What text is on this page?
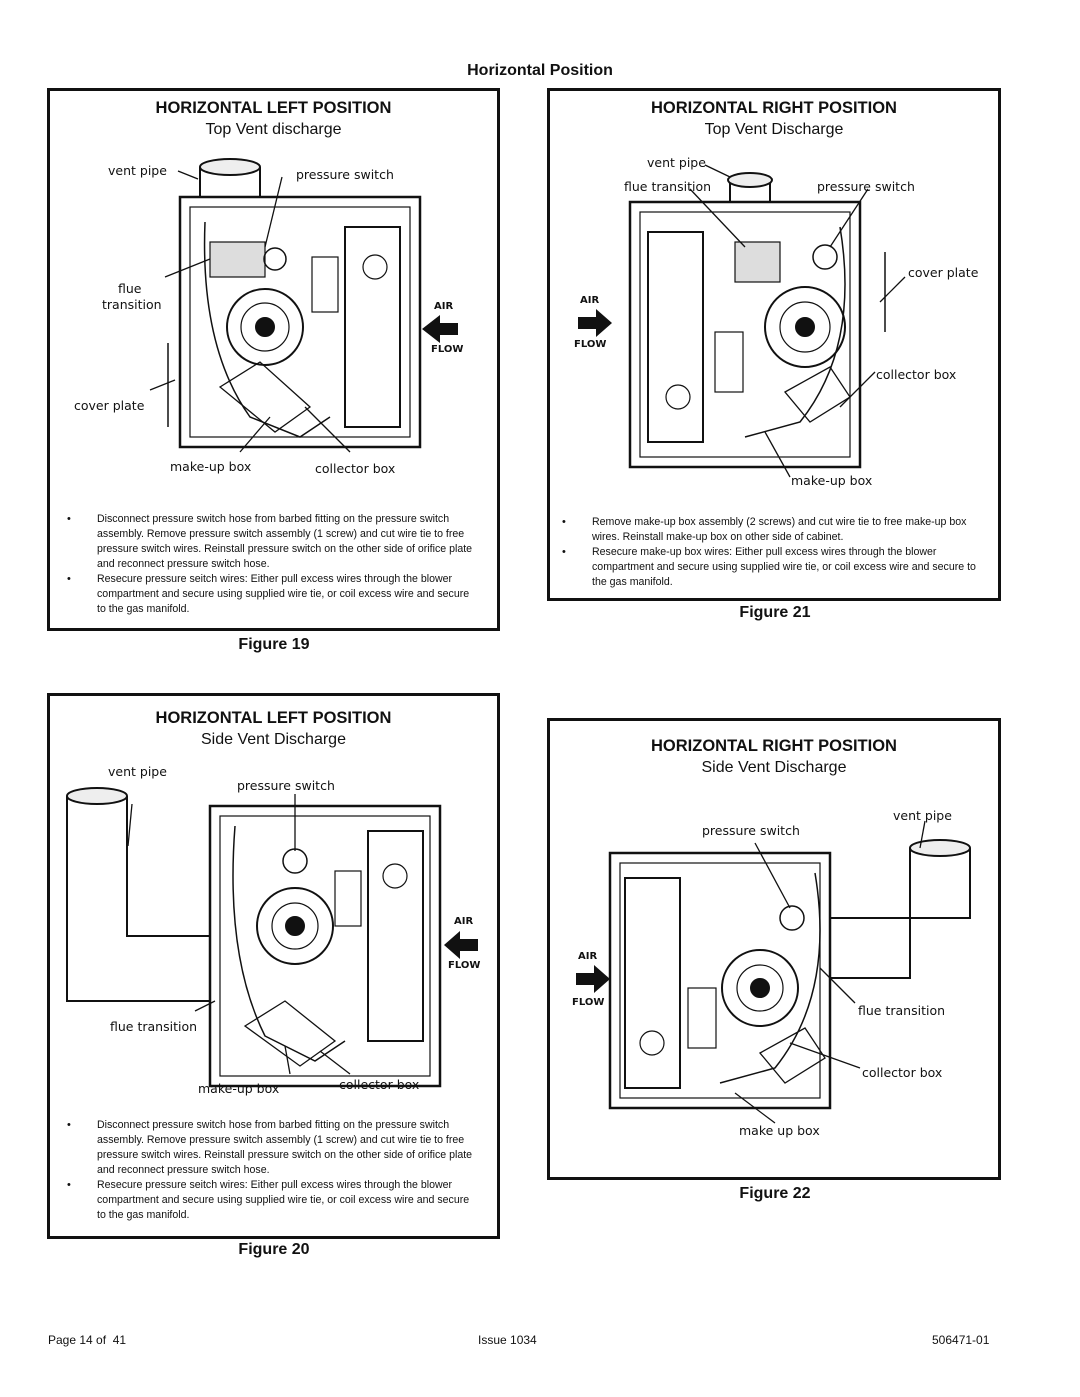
Horizontal Position
HORIZONTAL LEFT POSITION
Top Vent discharge
vent pipe	pressure switch
flue
transition
cover plate
make-up box	collector box
AIR
FLOW
• Disconnect pressure switch hose from barbed fitting on the pressure switch assembly. Remove pressure switch assembly (1 screw) and cut wire tie to free pressure switch wires. Reinstall pressure switch on the other side of orifice plate and reconnect pressure switch hose.
• Resecure pressure seitch wires: Either pull excess wires through the blower compartment and secure using supplied wire tie, or coil excess wire and secure to the gas manifold.
Figure 19
HORIZONTAL RIGHT POSITION
Top Vent Discharge
vent pipe
flue transition	pressure switch
cover plate
collector box
make-up box
AIR
FLOW
• Remove make-up box assembly (2 screws) and cut wire tie to free make-up box wires. Reinstall make-up box on other side of cabinet.
• Resecure make-up box wires: Either pull excess wires through the blower compartment and secure using supplied wire tie, or coil excess wire and secure to the gas manifold.
Figure 21
HORIZONTAL LEFT POSITION
Side Vent Discharge
vent pipe
pressure switch
flue transition
make-up box	collector box
AIR
FLOW
• Disconnect pressure switch hose from barbed fitting on the pressure switch assembly. Remove pressure switch assembly (1 screw) and cut wire tie to free pressure switch wires. Reinstall pressure switch on the other side of orifice plate and reconnect pressure switch hose.
• Resecure pressure seitch wires: Either pull excess wires through the blower compartment and secure using supplied wire tie, or coil excess wire and secure to the gas manifold.
Figure 20
HORIZONTAL RIGHT POSITION
Side Vent Discharge
pressure switch
vent pipe
flue transition
collector box
make up box
AIR
FLOW
Figure 22
Page 14 of  41	Issue 1034	506471-01
